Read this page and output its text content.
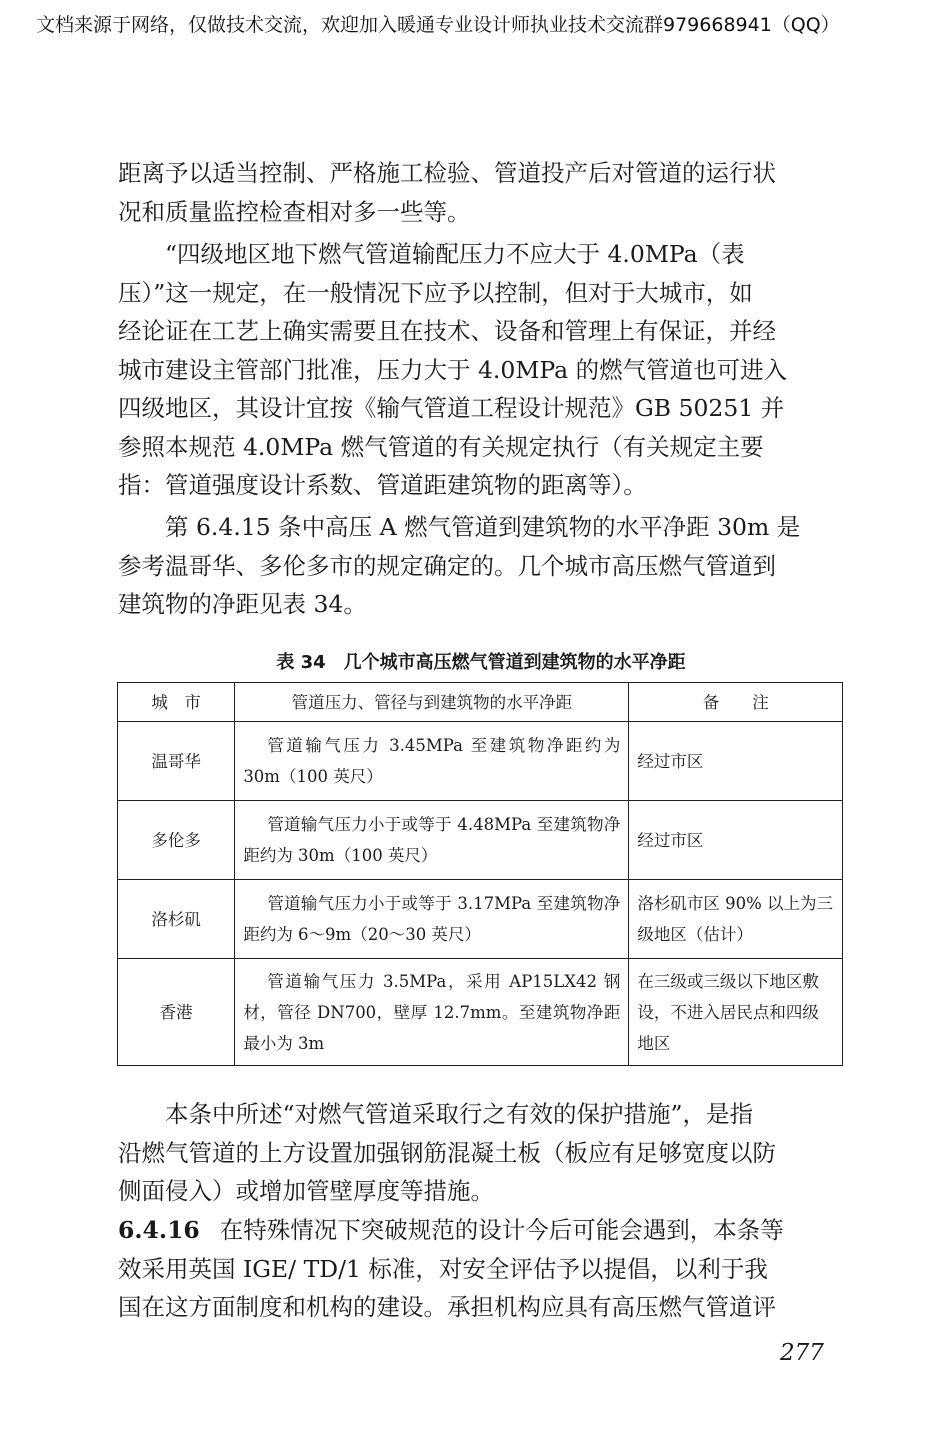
文档来源于网络，仅做技术交流，欢迎加入暖通专业设计师执业技术交流群979668941（QQ）

距离予以适当控制、严格施工检验、管道投产后对管道的运行状
况和质量监控检查相对多一些等。

“四级地区地下燃气管道输配压力不应大于 4.0MPa（表
压）”这一规定，在一般情况下应予以控制，但对于大城市，如
经论证在工艺上确实需要且在技术、设备和管理上有保证，并经
城市建设主管部门批准，压力大于 4.0MPa 的燃气管道也可进入
四级地区，其设计宜按《输气管道工程设计规范》GB 50251 并
参照本规范 4.0MPa 燃气管道的有关规定执行（有关规定主要
指：管道强度设计系数、管道距建筑物的距离等）。

第 6.4.15 条中高压 A 燃气管道到建筑物的水平净距 30m 是
参考温哥华、多伦多市的规定确定的。几个城市高压燃气管道到
建筑物的净距见表 34。

表 34　几个城市高压燃气管道到建筑物的水平净距
城　市	管道压力、管径与到建筑物的水平净距	备　　注
温哥华	管道输气压力 3.45MPa 至建筑物净距约为 30m（100 英尺）	经过市区
多伦多	管道输气压力小于或等于 4.48MPa 至建筑物净距约为 30m（100 英尺）	经过市区
洛杉矶	管道输气压力小于或等于 3.17MPa 至建筑物净距约为 6～9m（20～30 英尺）	洛杉矶市区 90% 以上为三级地区（估计）
香港	管道输气压力 3.5MPa，采用 AP15LX42 钢材，管径 DN700，壁厚 12.7mm。至建筑物净距最小为 3m	在三级或三级以下地区敷设，不进入居民点和四级地区

本条中所述“对燃气管道采取行之有效的保护措施”，是指
沿燃气管道的上方设置加强钢筋混凝土板（板应有足够宽度以防
侧面侵入）或增加管壁厚度等措施。

6.4.16 在特殊情况下突破规范的设计今后可能会遇到，本条等
效采用英国 IGE/ TD/1 标准，对安全评估予以提倡，以利于我
国在这方面制度和机构的建设。承担机构应具有高压燃气管道评

277
